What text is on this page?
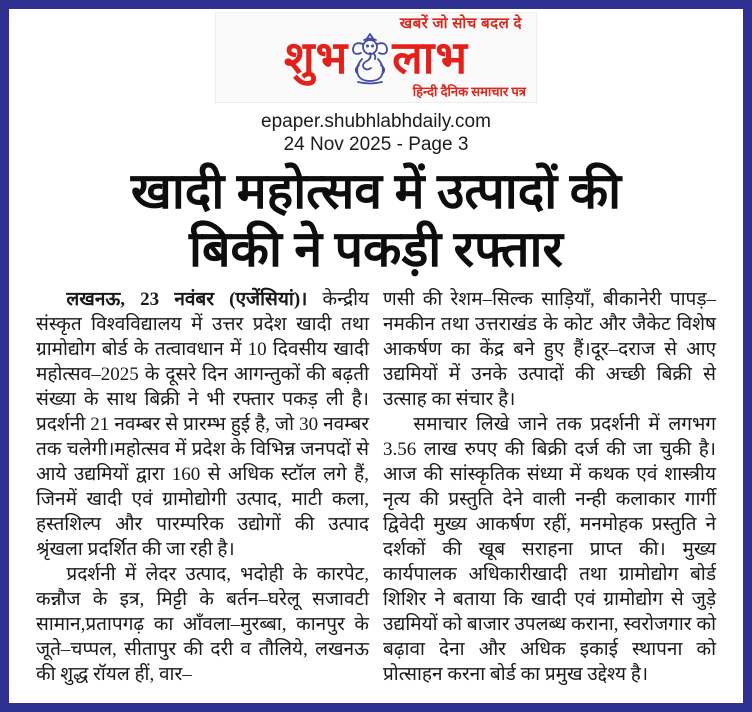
खबरें जो सोच बदल दे
शुभ लाभ
हिन्दी दैनिक समाचार पत्र
epaper.shubhlabhdaily.com
24 Nov 2025 - Page 3
खादी महोत्सव में उत्पादों की
बिकी ने पकड़ी रफ्तार

लखनऊ, 23 नवंबर (एजेंसियां)। केन्द्रीय संस्कृत विश्वविद्यालय में उत्तर प्रदेश खादी तथा ग्रामोद्योग बोर्ड के तत्वावधान में 10 दिवसीय खादी महोत्सव–2025 के दूसरे दिन आगन्तुकों की बढ़ती संख्या के साथ बिक्री ने भी रफ्तार पकड़ ली है। प्रदर्शनी 21 नवम्बर से प्रारम्भ हुई है, जो 30 नवम्बर तक चलेगी।महोत्सव में प्रदेश के विभिन्न जनपदों से आये उद्यमियों द्वारा 160 से अधिक स्टॉल लगे हैं, जिनमें खादी एवं ग्रामोद्योगी उत्पाद, माटी कला, हस्तशिल्प और पारम्परिक उद्योगों की उत्पाद श्रृंखला प्रदर्शित की जा रही है।

प्रदर्शनी में लेदर उत्पाद, भदोही के कारपेट, कन्नौज के इत्र, मिट्टी के बर्तन–घरेलू सजावटी सामान,प्रतापगढ़ का आँवला–मुरब्बा, कानपुर के जूते–चप्पल, सीतापुर की दरी व तौलिये, लखनऊ की शुद्ध रॉयल हीं, वार–

णसी की रेशम–सिल्क साड़ियाँ, बीकानेरी पापड़–नमकीन तथा उत्तराखंड के कोट और जैकेट विशेष आकर्षण का केंद्र बने हुए हैं।दूर–दराज से आए उद्यमियों में उनके उत्पादों की अच्छी बिक्री से उत्साह का संचार है।

समाचार लिखे जाने तक प्रदर्शनी में लगभग 3.56 लाख रुपए की बिक्री दर्ज की जा चुकी है।आज की सांस्कृतिक संध्या में कथक एवं शास्त्रीय नृत्य की प्रस्तुति देने वाली नन्ही कलाकार गार्गी द्विवेदी मुख्य आकर्षण रहीं, मनमोहक प्रस्तुति ने दर्शकों की खूब सराहना प्राप्त की। मुख्य कार्यपालक अधिकारीखादी तथा ग्रामोद्योग बोर्ड शिशिर ने बताया कि खादी एवं ग्रामोद्योग से जुड़े उद्यमियों को बाजार उपलब्ध कराना, स्वरोजगार को बढ़ावा देना और अधिक इकाई स्थापना को प्रोत्साहन करना बोर्ड का प्रमुख उद्देश्य है।
